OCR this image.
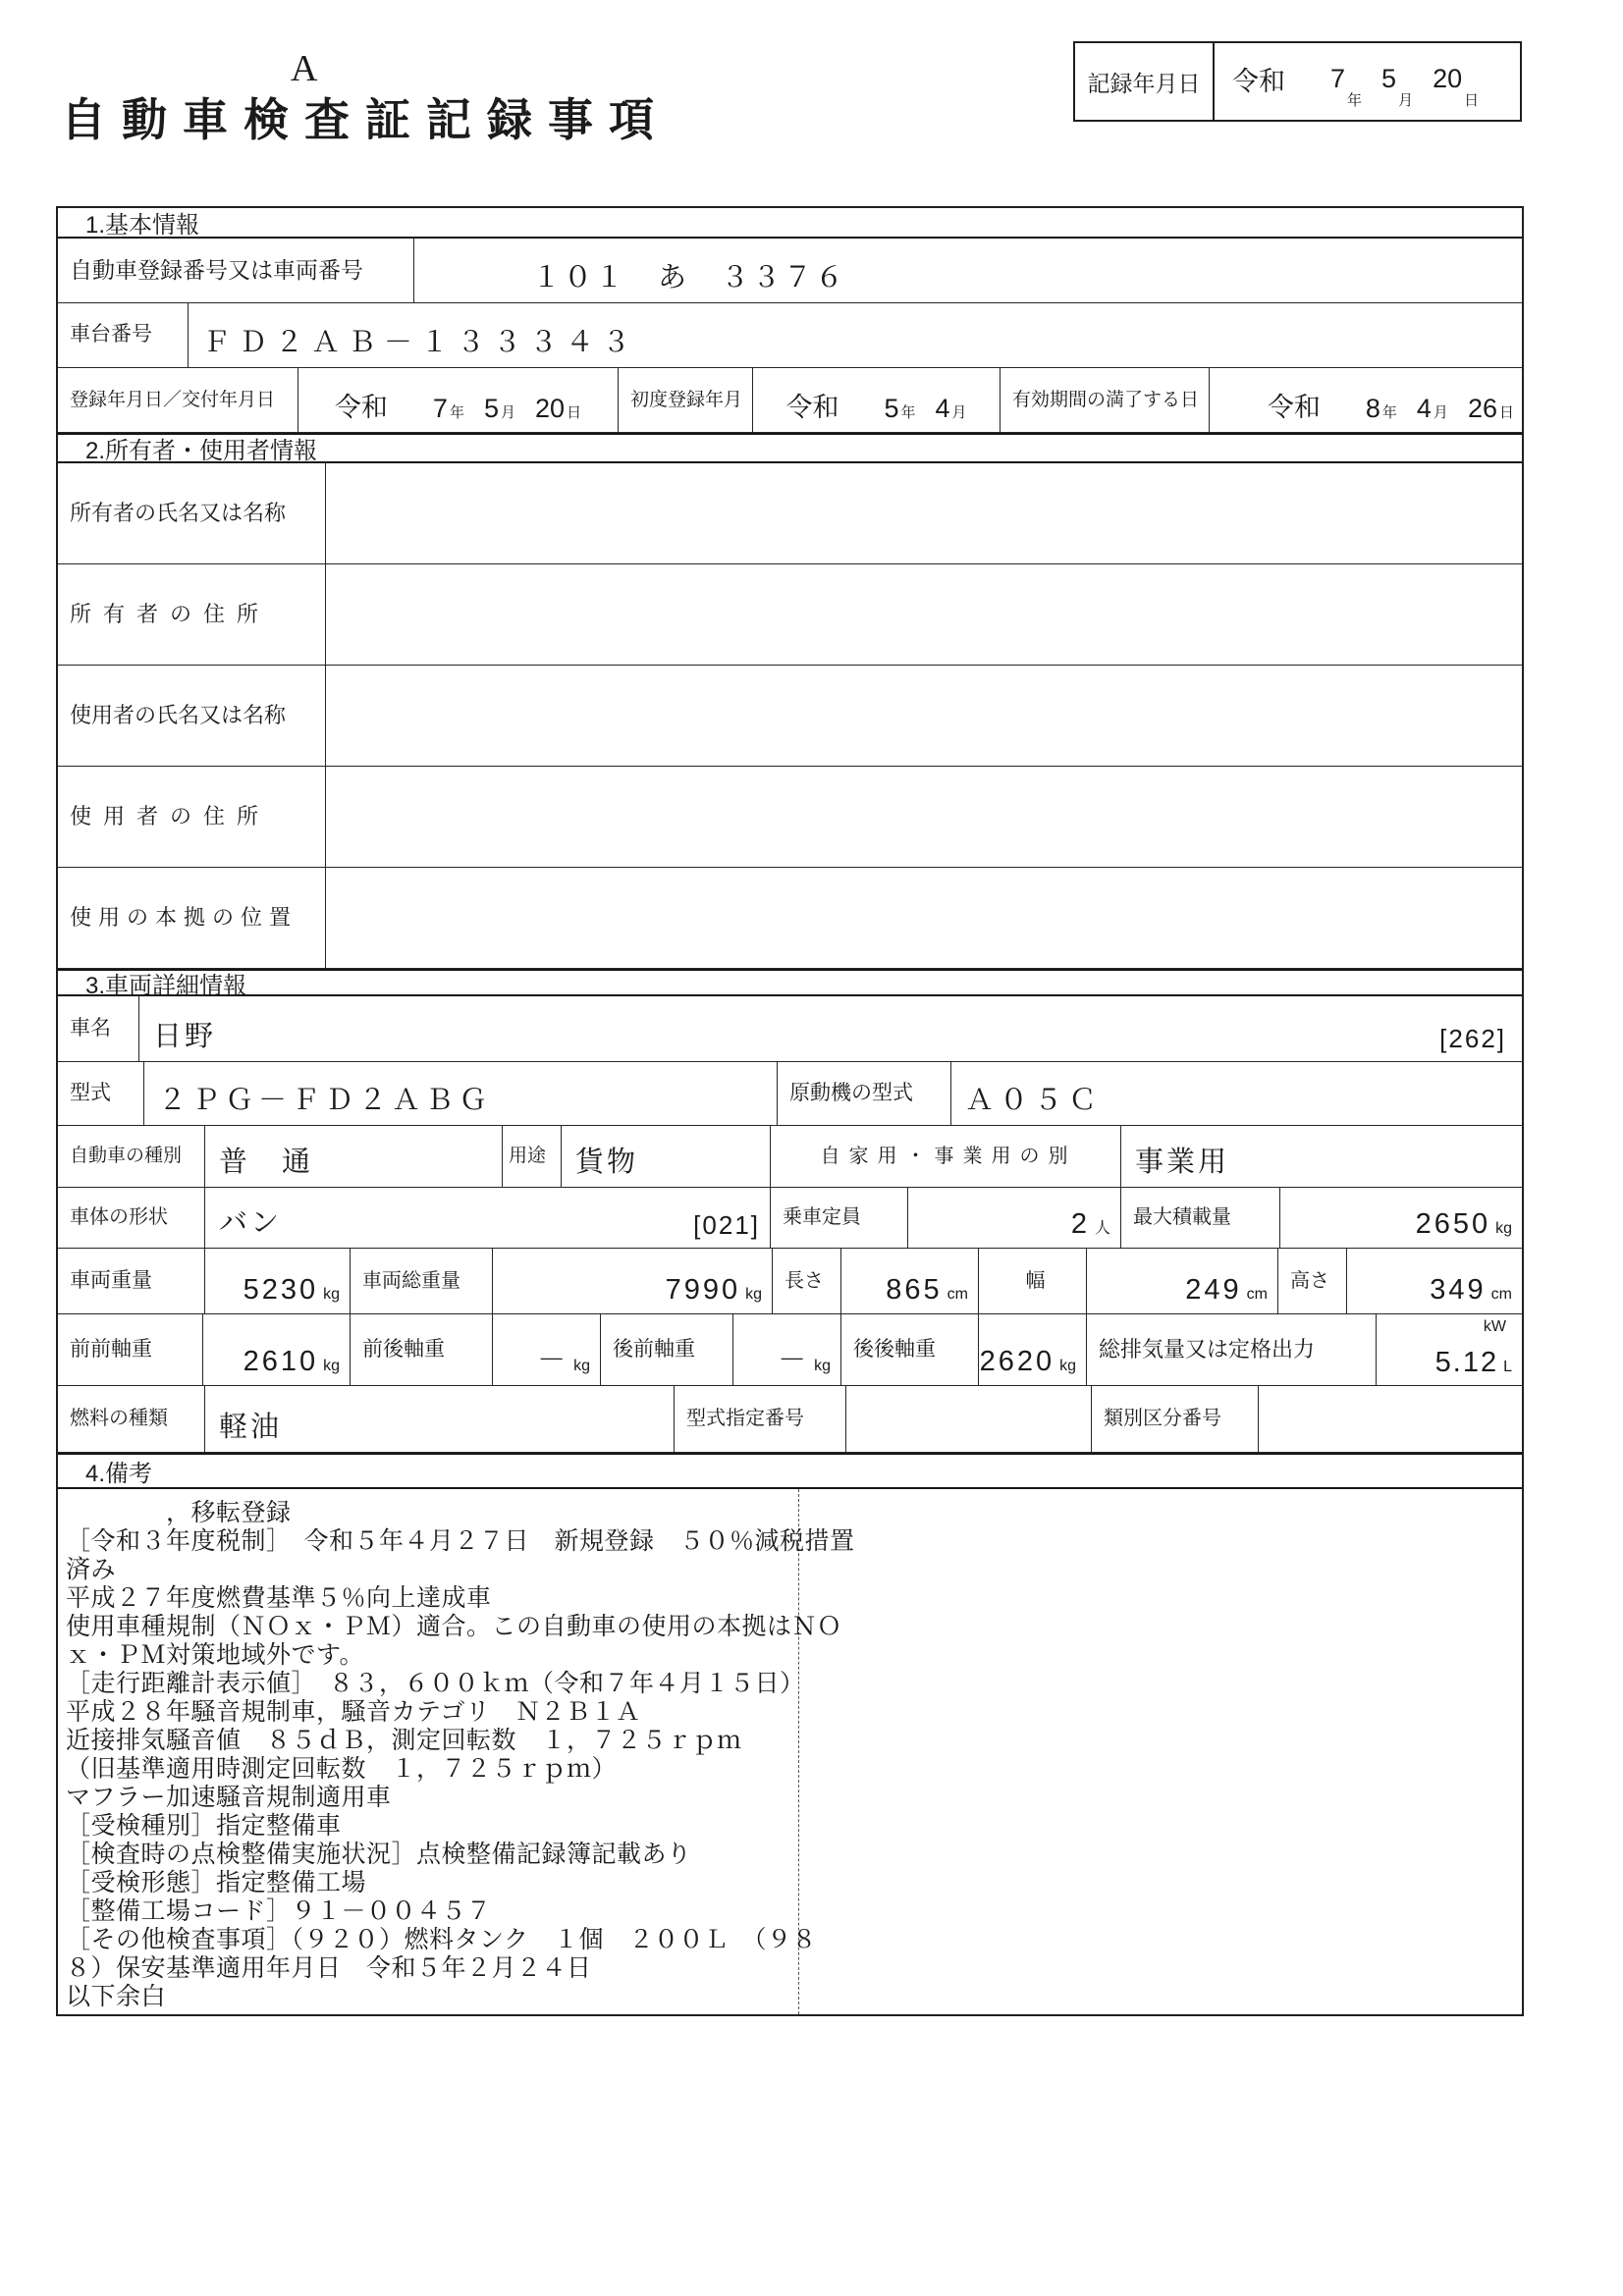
A
自動車検査証記録事項
記録年月日	令和 7
年
5
月
20
日
1.基本情報
自動車登録番号又は車両番号	１０１　あ　３３７６
車台番号	ＦＤ２ＡＢ－１３３３４３
登録年月日／交付年月日	令和 7 年 5 月 20 日
初度登録年月	令和 5 年 4 月
有効期間の満了する日	令和 8 年 4 月 26 日
2.所有者・使用者情報
所有者の氏名又は名称
所有者の住所
使用者の氏名又は名称
使用者の住所
使用の本拠の位置
3.車両詳細情報
車名	日野	[262]
型式	２ＰＧ－ＦＤ２ＡＢＧ	原動機の型式	Ａ０５Ｃ
自動車の種別	普　通	用途	貨物	自家用・事業用の別	事業用
車体の形状	バン	[021]	乗車定員	2 人
最大積載量	2650 kg
車両重量	5230 kg
車両総重量	7990 kg
長さ	865 cm
幅	249 cm
高さ	349 cm
前前軸重	2610 kg
前後軸重	－ kg
後前軸重	－ kg
後後軸重	2620 kg
総排気量又は定格出力
kW
5.12 L
燃料の種類	軽油	型式指定番号	類別区分番号
4.備考
　　　　，移転登録
［令和３年度税制］　令和５年４月２７日　新規登録　５０％減税措置
済み
平成２７年度燃費基準５％向上達成車
使用車種規制（ＮＯｘ・ＰＭ）適合。この自動車の使用の本拠はＮＯ
ｘ・ＰＭ対策地域外です。
［走行距離計表示値］　８３，６００ｋｍ（令和７年４月１５日）
平成２８年騒音規制車，騒音カテゴリ　Ｎ２Ｂ１Ａ
近接排気騒音値　８５ｄＢ，測定回転数　１，７２５ｒｐｍ
（旧基準適用時測定回転数　１，７２５ｒｐｍ）
マフラー加速騒音規制適用車
［受検種別］指定整備車
［検査時の点検整備実施状況］点検整備記録簿記載あり
［受検形態］指定整備工場
［整備工場コード］９１－００４５７
［その他検査事項］（９２０）燃料タンク　１個　２００Ｌ　（９８
８）保安基準適用年月日　令和５年２月２４日
以下余白
